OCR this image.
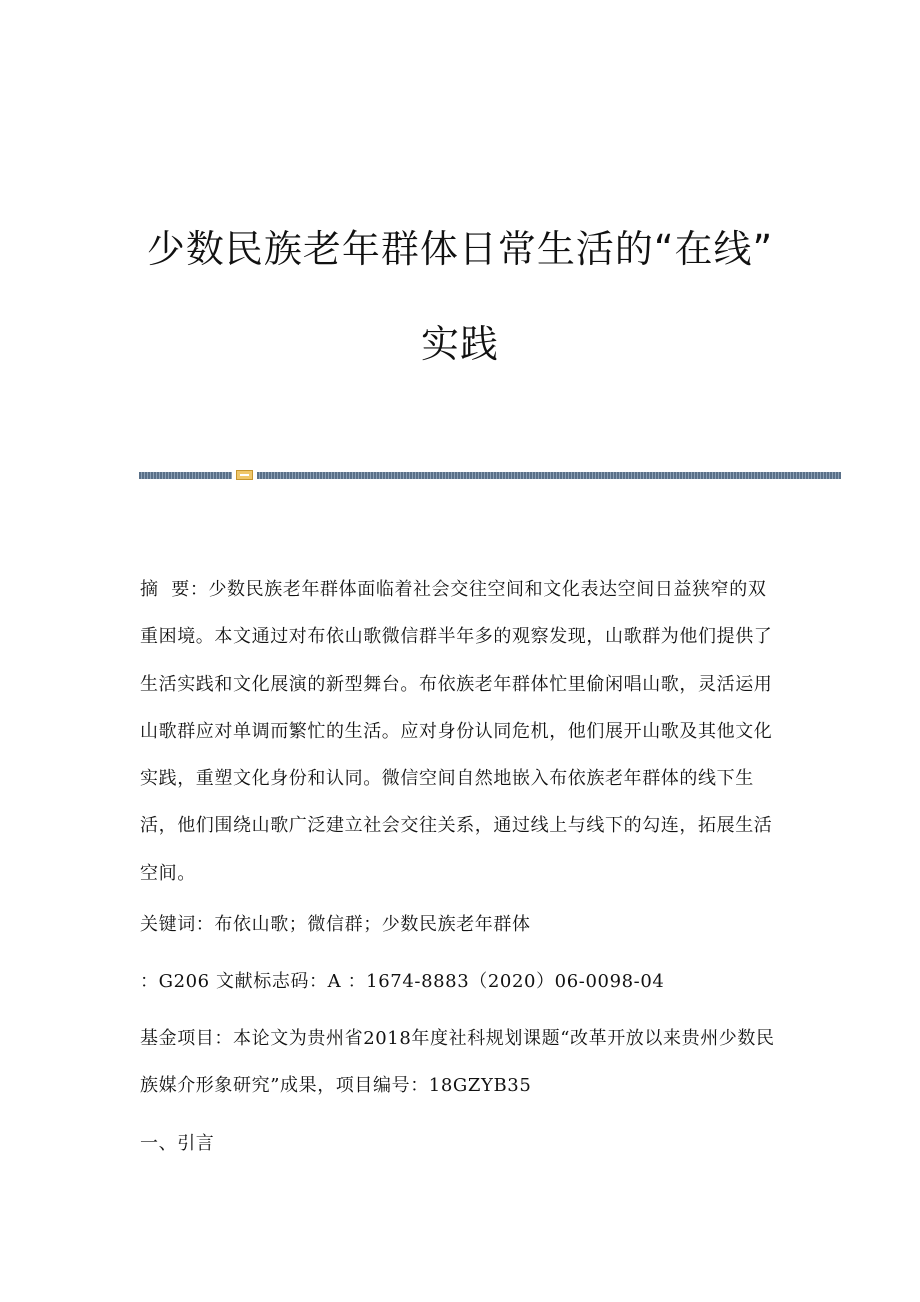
少数民族老年群体日常生活的“在线”
实践

摘  要：少数民族老年群体面临着社会交往空间和文化表达空间日益狭窄的双重困境。本文通过对布依山歌微信群半年多的观察发现，山歌群为他们提供了生活实践和文化展演的新型舞台。布依族老年群体忙里偷闲唱山歌，灵活运用山歌群应对单调而繁忙的生活。应对身份认同危机，他们展开山歌及其他文化实践，重塑文化身份和认同。微信空间自然地嵌入布依族老年群体的线下生活，他们围绕山歌广泛建立社会交往关系，通过线上与线下的勾连，拓展生活空间。

关键词：布依山歌；微信群；少数民族老年群体

：G206 文献标志码：A ：1674-8883（2020）06-0098-04

基金项目：本论文为贵州省2018年度社科规划课题“改革开放以来贵州少数民族媒介形象研究”成果，项目编号：18GZYB35

一、引言
